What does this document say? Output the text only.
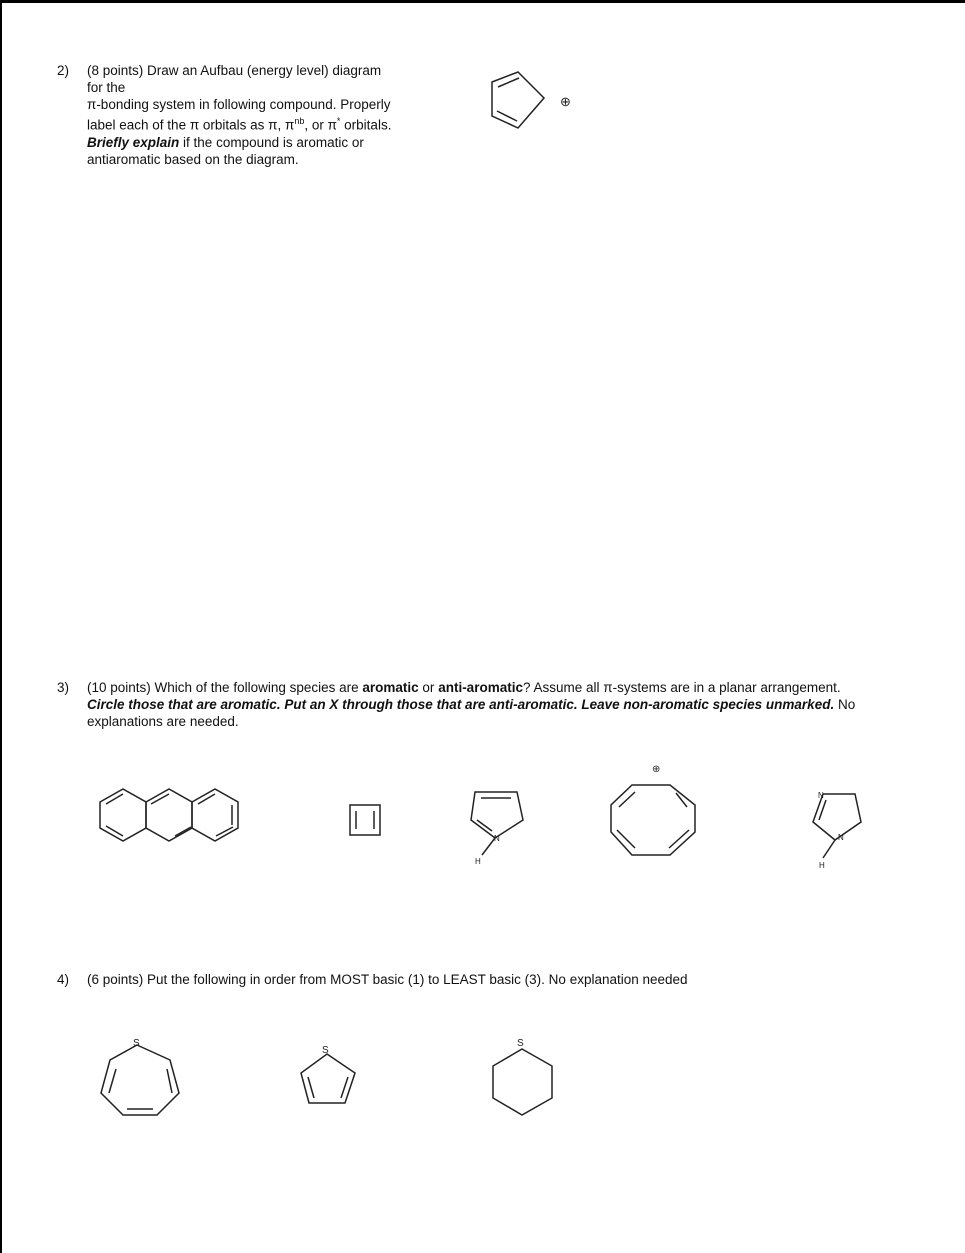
2) (8 points) Draw an Aufbau (energy level) diagram
for the
π-bonding system in following compound. Properly
label each of the π orbitals as π, $\pi^{nb}$, or π* orbitals.
Briefly explain if the compound is aromatic or
antiaromatic based on the diagram.
⊕
3) (10 points) Which of the following species are aromatic or anti-aromatic? Assume all π-systems are in a planar arrangement.
Circle those that are aromatic. Put an X through those that are anti-aromatic. Leave non-aromatic species unmarked. No
explanations are needed.
N
H
⊕
N
N
H
4) (6 points) Put the following in order from MOST basic (1) to LEAST basic (3). No explanation needed
S
S
S
